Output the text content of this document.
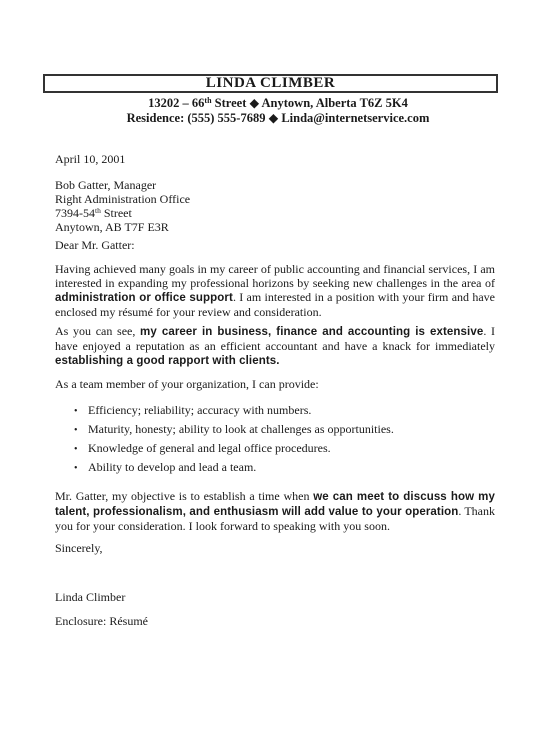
LINDA CLIMBER
13202 – 66th Street ◆ Anytown, Alberta T6Z 5K4
Residence: (555) 555-7689 ◆ Linda@internetservice.com
April 10, 2001
Bob Gatter, Manager
Right Administration Office
7394-54th Street
Anytown, AB T7F E3R
Dear Mr. Gatter:
Having achieved many goals in my career of public accounting and financial services, I am interested in expanding my professional horizons by seeking new challenges in the area of administration or office support. I am interested in a position with your firm and have enclosed my résumé for your review and consideration.
As you can see, my career in business, finance and accounting is extensive. I have enjoyed a reputation as an efficient accountant and have a knack for immediately establishing a good rapport with clients.
As a team member of your organization, I can provide:
• Efficiency; reliability; accuracy with numbers.
• Maturity, honesty; ability to look at challenges as opportunities.
• Knowledge of general and legal office procedures.
• Ability to develop and lead a team.
Mr. Gatter, my objective is to establish a time when we can meet to discuss how my talent, professionalism, and enthusiasm will add value to your operation. Thank you for your consideration. I look forward to speaking with you soon.
Sincerely,
Linda Climber
Enclosure: Résumé
